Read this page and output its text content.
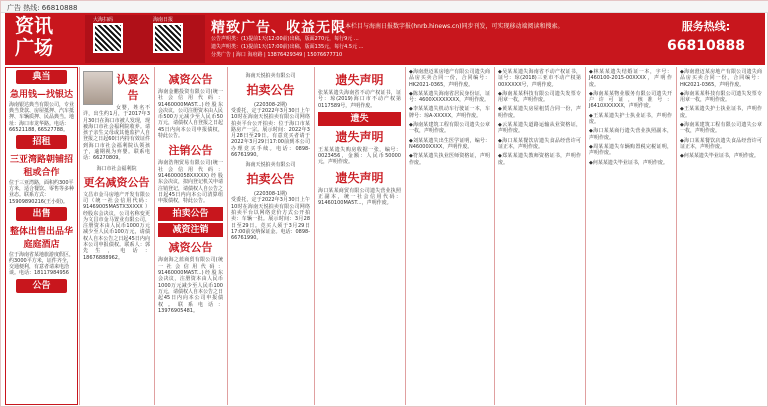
广告 热线: 66810888
资讯
广场
大海扫码	海南日报	精致广告、收益无限 本栏目与海南日报数字报(hnrb.hinews.cn)同步刊发，可实现移动端阅读和搜索。
公告声明类：(1)提前1天(12:00前)出稿，版面270元，每行9元 ...
遗失声明类：(1)提前1天(17:00前)出稿，版面135元，每行4.5元 ...
分类广告 | 海口 海府路 | 13876429349 | 15076677710
服务热线:
66810888
典当
急用钱—找银达
海南银达典当有限公司，专业典当贷款、房屋抵押、汽车抵押、车辆质押、民品典当。地址：海口市龙华路。电话：66521188, 66527788。
招租
三亚湾路朝铺招租或合作
位于三亚湾路，面积约300平方米，适合餐饮、零售等多种业态。联系方式：15909890216(王小姐)。
出售
整体出售出品华庭庭酒店
位于海南省某地旅游度假区，约3000平方米，证件齐全，交通便利，有意者请来电洽谈。电话：18117984956
公告
认婴公告
女婴，姓名不详，出生约1月，于2017年3月30日在海口市被人发现，现被海口市社会福利院收养。请孩子亲生父母或其他监护人自登报之日起60日内持有效证件到海口市社会福利院认领孩子，逾期视为弃婴。联系电话：66270809。
海口市社会福利院
更名减资公告
文昌市金马房地产开发有限公司（统一社会信用代码：91469005MA5TX3XXXX）经股东会决议，公司名称变更为文昌市金马置业有限公司，注册资本由人民币1000万元减少至人民币100万元，请债权人自本公告之日起45日内向本公司申报债权。联系人：郭先生，电话：18676888962。
减资公告
海南金鹏投资有限公司(统一社会信用代码：91460000MA5T...)经股东会决议，公司注册资本由人民币500万元减少至人民币50万元，请债权人自登报之日起45日内向本公司申报债权，特此公告。
注销公告
海南浩翔贸易有限公司(统一社会信用代码：9146000058XXXXX)经股东会决议，拟向登记机关申请注销登记，请债权人自公告之日起45日内向本公司清算组申报债权，特此公告。
拍卖公告
减资注销
减资公告
海南海之蓝商贸有限公司(统一社会信用代码：91460000MA5T...)经股东会决议，注册资本由人民币1000万元减少至人民币100万元，请债权人自本公告之日起45日内向本公司申报债权。联系电话：13976905481。
海南天悦拍卖有限公司
拍卖公告
(220308-2期)
受委托，定于2022年3月30日上午10时在海南天悦拍卖有限公司网络拍卖平台公开拍卖：位于海口市某路房产一宗。展示时间：2022年3月28日至29日。有意竞买者请于2022年3月29日17:00前到本公司办理竞买手续。电话：0898-66761990。
海南天悦拍卖有限公司
拍卖公告
(220308-1期)
受委托，定于2022年3月30日上午10时在海南天悦拍卖有限公司网络拍卖平台以网络竞价方式公开拍卖：车辆一批。展示时间：3月28日至29日。竞买人须于3月29日17:00前交纳保证金。电话：0898-66761990。
遗失声明
张某某遗失海南省不动产权证书，证号：琼(2019)海口市不动产权第0117589号，声明作废。
遗失
遗失声明
王某某遗失购房收据一张，编号：0023456，金额：人民币50000元，声明作废。
遗失声明
海口某某商贸有限公司遗失营业执照正副本，统一社会信用代码：91460100MA5T...，声明作废。
◆海南澄迈某房地产有限公司遗失商品房买卖合同一份，合同编号：HK2021-0365，声明作废。
◆陈某某遗失海南省居民身份证，证号：4600XXXXXXXX，声明作废。
◆李某某遗失机动车行驶证一本，车牌号：琼A·XXXXX，声明作废。
◆海南某建筑工程有限公司遗失公章一枚，声明作废。
◆刘某某遗失出生医学证明，编号：N46000XXXX，声明作废。
◆符某某遗失执业医师资格证，声明作废。
◆吴某某遗失海南省不动产权证书，证号：琼(2018)三亚市不动产权第00XXXXX号，声明作废。
◆海南某某科技有限公司遗失发票专用章一枚，声明作废。
◆黄某某遗失房屋租赁合同一份，声明作废。
◆云某某遗失道路运输从业资格证，声明作废。
◆海口某某餐饮店遗失食品经营许可证正本，声明作废。
◆郑某某遗失教师资格证书，声明作废。
◆林某某遗失结婚证一本，字号：J460100-2015-00XXXX，声明作废。
◆海南某某物业服务有限公司遗失开户许可证，核准号：J6410XXXXXX，声明作废。
◆王某某遗失护士执业证书，声明作废。
◆海口某某商行遗失营业执照副本，声明作废。
◆周某某遗失车辆购置税完税证明，声明作废。
◆何某某遗失毕业证书，声明作废。
◆海南澄迈某房地产有限公司遗失商品房买卖合同一份，合同编号：HK2021-0365，声明作废。
◆海南某某科技有限公司遗失发票专用章一枚，声明作废。
◆王某某遗失护士执业证书，声明作废。
◆海南某建筑工程有限公司遗失公章一枚，声明作废。
◆海口某某餐饮店遗失食品经营许可证正本，声明作废。
◆何某某遗失毕业证书，声明作废。
